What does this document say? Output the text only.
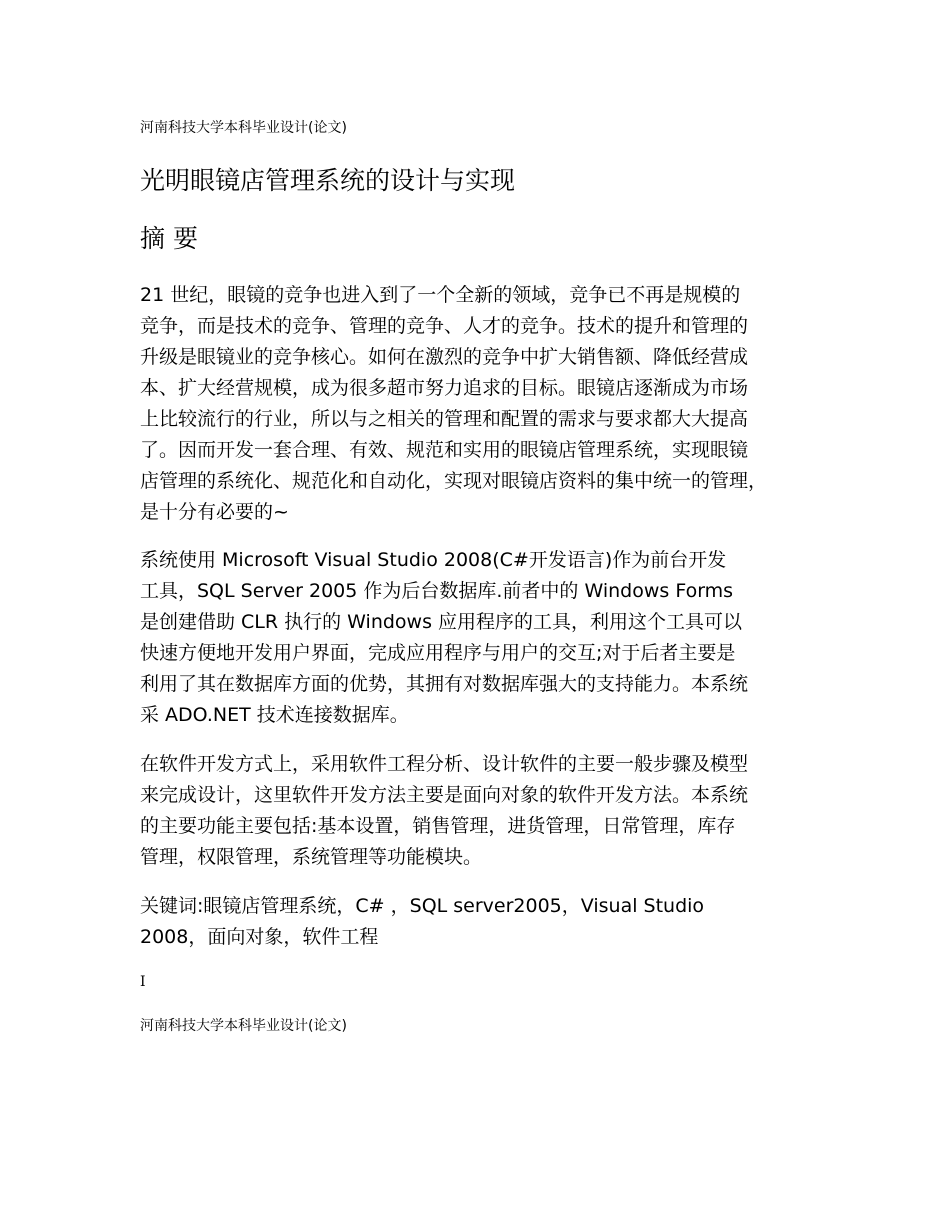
河南科技大学本科毕业设计(论文)
光明眼镜店管理系统的设计与实现
摘 要
21 世纪，眼镜的竞争也进入到了一个全新的领域，竞争已不再是规模的
竞争，而是技术的竞争、管理的竞争、人才的竞争。技术的提升和管理的
升级是眼镜业的竞争核心。如何在激烈的竞争中扩大销售额、降低经营成
本、扩大经营规模，成为很多超市努力追求的目标。眼镜店逐渐成为市场
上比较流行的行业，所以与之相关的管理和配置的需求与要求都大大提高
了。因而开发一套合理、有效、规范和实用的眼镜店管理系统，实现眼镜
店管理的系统化、规范化和自动化，实现对眼镜店资料的集中统一的管理，
是十分有必要的~
系统使用 Microsoft Visual Studio 2008(C#开发语言)作为前台开发
工具，SQL Server 2005 作为后台数据库.前者中的 Windows Forms
是创建借助 CLR 执行的 Windows 应用程序的工具，利用这个工具可以
快速方便地开发用户界面，完成应用程序与用户的交互;对于后者主要是
利用了其在数据库方面的优势，其拥有对数据库强大的支持能力。本系统
采 ADO.NET 技术连接数据库。
在软件开发方式上，采用软件工程分析、设计软件的主要一般步骤及模型
来完成设计，这里软件开发方法主要是面向对象的软件开发方法。本系统
的主要功能主要包括:基本设置，销售管理，进货管理，日常管理，库存
管理，权限管理，系统管理等功能模块。
关键词:眼镜店管理系统，C# ，SQL server2005，Visual Studio
2008，面向对象，软件工程
I
河南科技大学本科毕业设计(论文)
